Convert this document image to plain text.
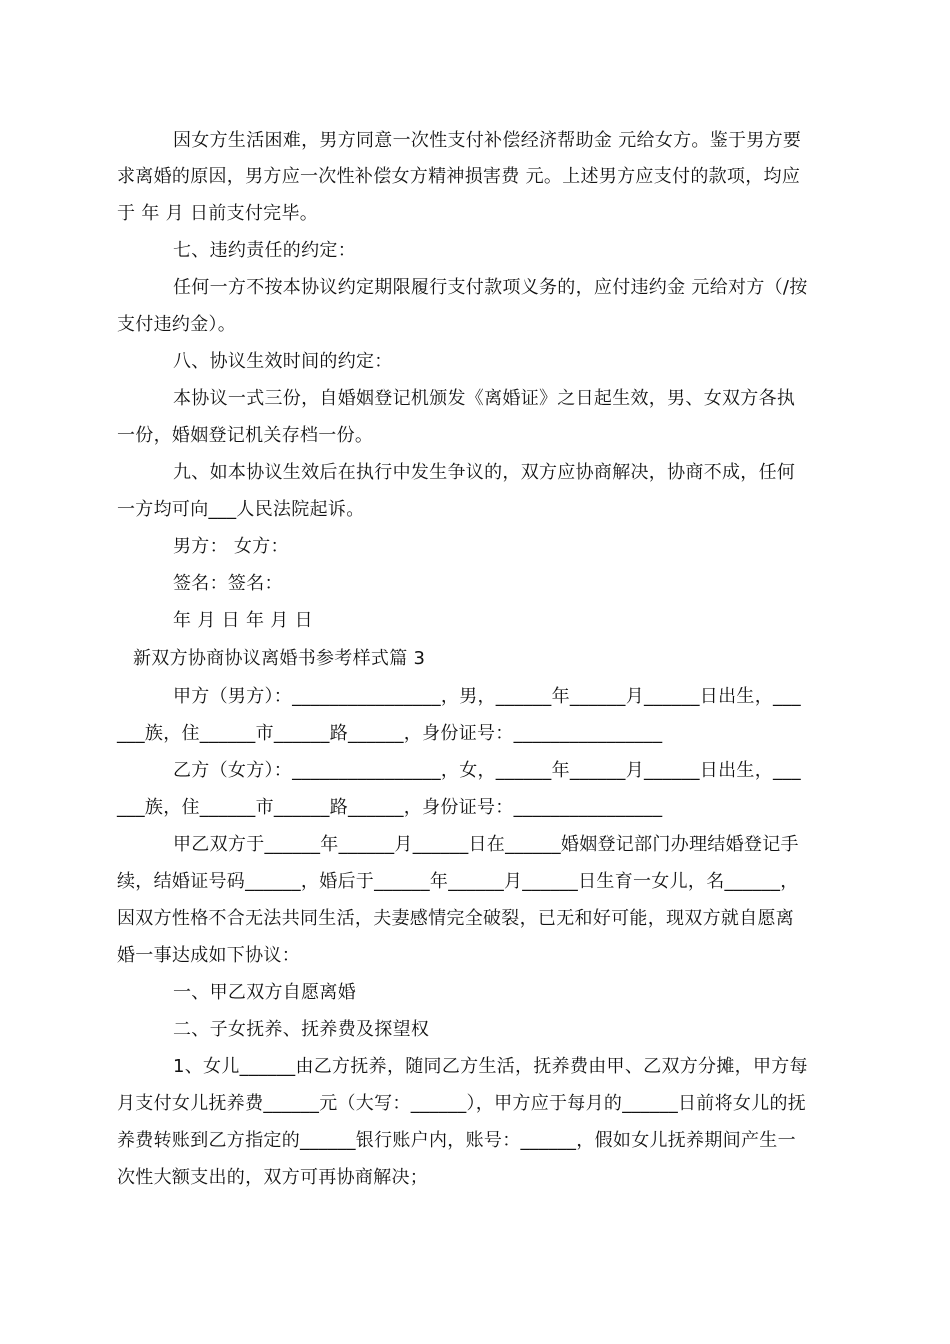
因女方生活困难，男方同意一次性支付补偿经济帮助金 元给女方。鉴于男方要
求离婚的原因，男方应一次性补偿女方精神损害费 元。上述男方应支付的款项，均应
于 年 月 日前支付完毕。
七、违约责任的约定：
任何一方不按本协议约定期限履行支付款项义务的，应付违约金 元给对方（/按
支付违约金）。
八、协议生效时间的约定：
本协议一式三份，自婚姻登记机颁发《离婚证》之日起生效，男、女双方各执
一份，婚姻登记机关存档一份。
九、如本协议生效后在执行中发生争议的，双方应协商解决，协商不成，任何
一方均可向___人民法院起诉。
男方： 女方：
签名：签名：
年 月 日 年 月 日
新双方协商协议离婚书参考样式篇 3
甲方（男方）：________________，男，______年______月______日出生，___
___族，住______市______路______，身份证号：________________
乙方（女方）：________________，女，______年______月______日出生，___
___族，住______市______路______，身份证号：________________
甲乙双方于______年______月______日在______婚姻登记部门办理结婚登记手
续，结婚证号码______，婚后于______年______月______日生育一女儿，名______，
因双方性格不合无法共同生活，夫妻感情完全破裂，已无和好可能，现双方就自愿离
婚一事达成如下协议：
一、甲乙双方自愿离婚
二、子女抚养、抚养费及探望权
1、女儿______由乙方抚养，随同乙方生活，抚养费由甲、乙双方分摊，甲方每
月支付女儿抚养费______元（大写：______），甲方应于每月的______日前将女儿的抚
养费转账到乙方指定的______银行账户内，账号：______，假如女儿抚养期间产生一
次性大额支出的，双方可再协商解决；
